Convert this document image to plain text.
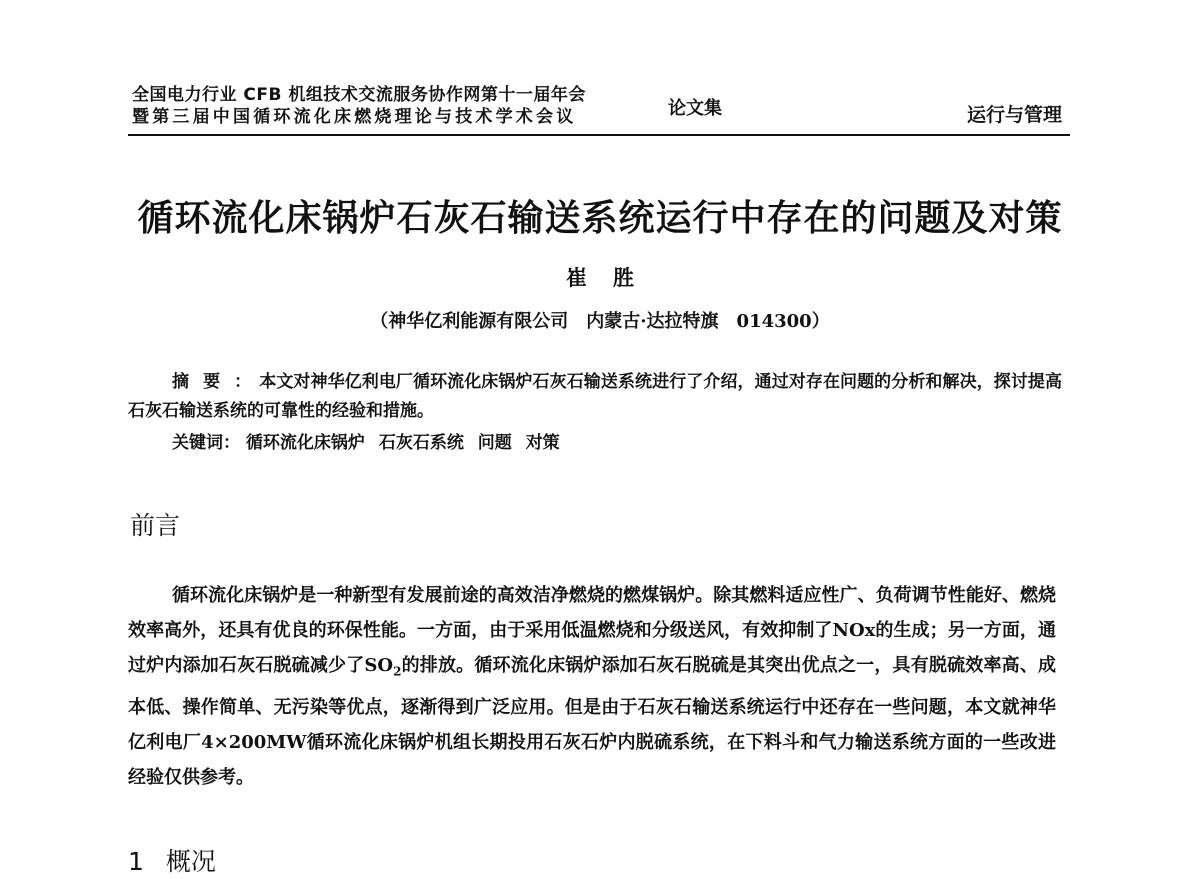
全国电力行业 CFB 机组技术交流服务协作网第十一届年会
暨第三届中国循环流化床燃烧理论与技术学术会议	论文集	运行与管理
循环流化床锅炉石灰石输送系统运行中存在的问题及对策
崔胜
（神华亿利能源有限公司　内蒙古·达拉特旗　014300）
摘要：本文对神华亿利电厂循环流化床锅炉石灰石输送系统进行了介绍，通过对存在问题的分析和解决，探讨提高石灰石输送系统的可靠性的经验和措施。
关键词： 循环流化床锅炉 石灰石系统 问题 对策
前言
循环流化床锅炉是一种新型有发展前途的高效洁净燃烧的燃煤锅炉。除其燃料适应性广、负荷调节性能好、燃烧效率高外，还具有优良的环保性能。一方面，由于采用低温燃烧和分级送风，有效抑制了NOx的生成；另一方面，通过炉内添加石灰石脱硫减少了$SO_2$的排放。循环流化床锅炉添加石灰石脱硫是其突出优点之一，具有脱硫效率高、成本低、操作简单、无污染等优点，逐渐得到广泛应用。但是由于石灰石输送系统运行中还存在一些问题，本文就神华亿利电厂4×200MW循环流化床锅炉机组长期投用石灰石炉内脱硫系统，在下料斗和气力输送系统方面的一些改进经验仅供参考。
1 概况
